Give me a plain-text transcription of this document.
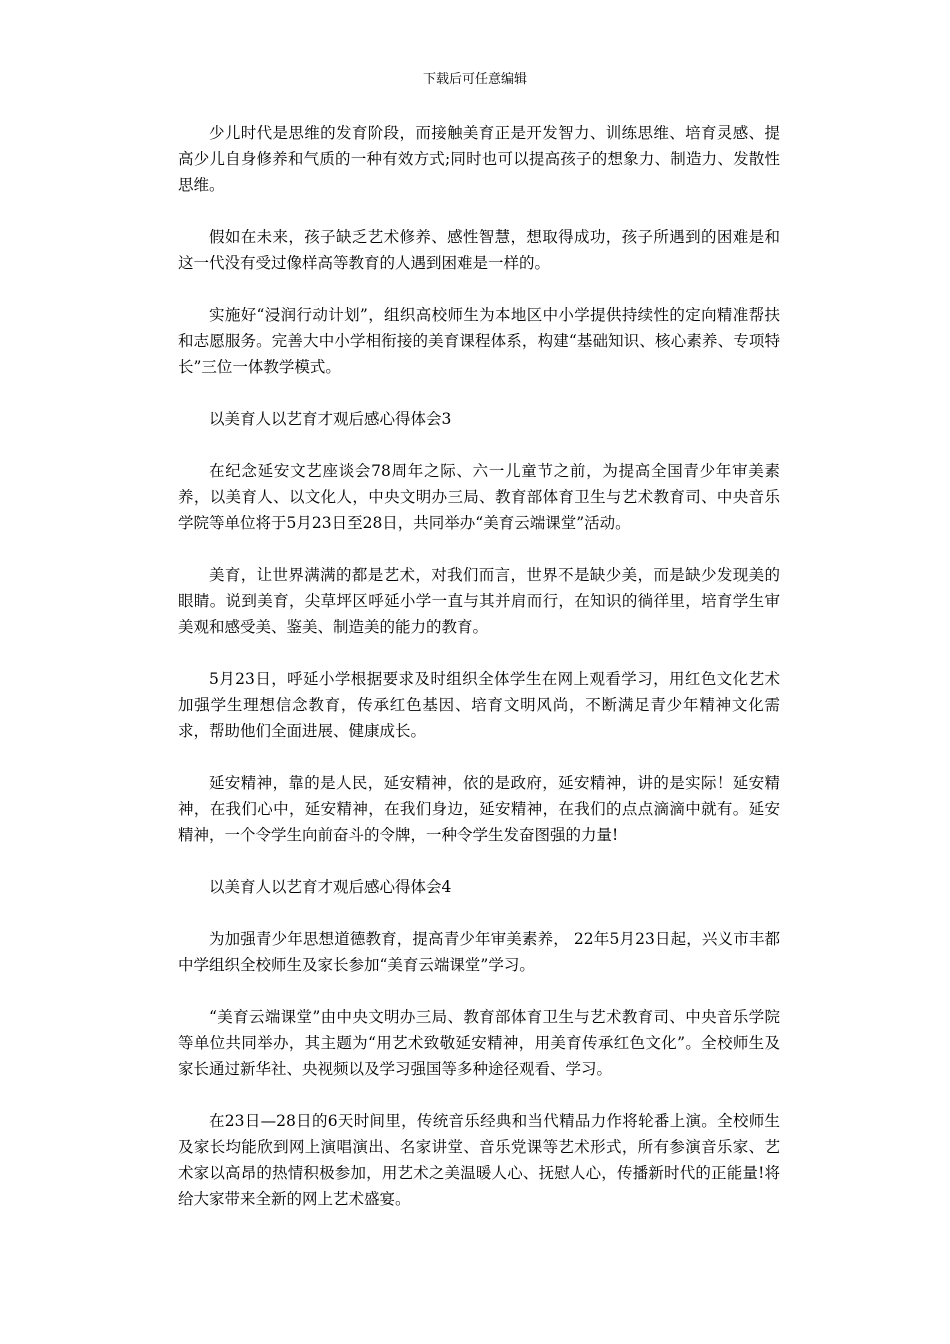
下载后可任意编辑

少儿时代是思维的发育阶段，而接触美育正是开发智力、训练思维、培育灵感、提高少儿自身修养和气质的一种有效方式;同时也可以提高孩子的想象力、制造力、发散性思维。

假如在未来，孩子缺乏艺术修养、感性智慧，想取得成功，孩子所遇到的困难是和这一代没有受过像样高等教育的人遇到困难是一样的。

实施好“浸润行动计划”，组织高校师生为本地区中小学提供持续性的定向精准帮扶和志愿服务。完善大中小学相衔接的美育课程体系，构建“基础知识、核心素养、专项特长”三位一体教学模式。

以美育人以艺育才观后感心得体会3

在纪念延安文艺座谈会78周年之际、六一儿童节之前，为提高全国青少年审美素养，以美育人、以文化人，中央文明办三局、教育部体育卫生与艺术教育司、中央音乐学院等单位将于5月23日至28日，共同举办“美育云端课堂”活动。

美育，让世界满满的都是艺术，对我们而言，世界不是缺少美，而是缺少发现美的眼睛。说到美育，尖草坪区呼延小学一直与其并肩而行，在知识的徜徉里，培育学生审美观和感受美、鉴美、制造美的能力的教育。

5月23日，呼延小学根据要求及时组织全体学生在网上观看学习，用红色文化艺术加强学生理想信念教育，传承红色基因、培育文明风尚，不断满足青少年精神文化需求，帮助他们全面进展、健康成长。

延安精神，靠的是人民，延安精神，依的是政府，延安精神，讲的是实际！延安精神，在我们心中，延安精神，在我们身边，延安精神，在我们的点点滴滴中就有。延安精神，一个令学生向前奋斗的令牌，一种令学生发奋图强的力量!

以美育人以艺育才观后感心得体会4

为加强青少年思想道德教育，提高青少年审美素养， 22年5月23日起，兴义市丰都中学组织全校师生及家长参加“美育云端课堂”学习。

“美育云端课堂”由中央文明办三局、教育部体育卫生与艺术教育司、中央音乐学院等单位共同举办，其主题为“用艺术致敬延安精神，用美育传承红色文化”。全校师生及家长通过新华社、央视频以及学习强国等多种途径观看、学习。

在23日—28日的6天时间里，传统音乐经典和当代精品力作将轮番上演。全校师生及家长均能欣到网上演唱演出、名家讲堂、音乐党课等艺术形式，所有参演音乐家、艺术家以高昂的热情积极参加，用艺术之美温暖人心、抚慰人心，传播新时代的正能量!将给大家带来全新的网上艺术盛宴。
